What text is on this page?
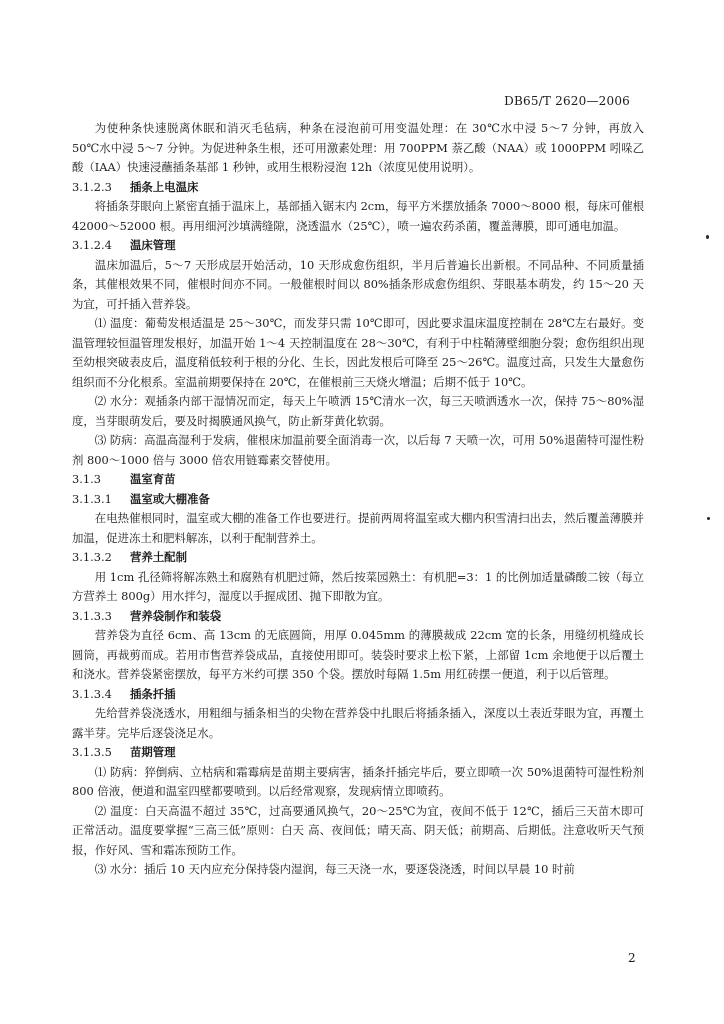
DB65/T 2620—2006

为使种条快速脱离休眠和消灭毛毡病，种条在浸泡前可用变温处理：在 30℃水中浸 5～7 分钟，再放入 50℃水中浸 5～7 分钟。为促进种条生根，还可用激素处理：用 700PPM 萘乙酸（NAA）或 1000PPM 吲哚乙酸（IAA）快速浸蘸插条基部 1 秒钟，或用生根粉浸泡 12h（浓度见使用说明）。

3.1.2.3 插条上电温床

将插条芽眼向上紧密直插于温床上，基部插入锯末内 2cm，每平方米摆放插条 7000～8000 根，每床可催根 42000～52000 根。再用细河沙填满缝隙，浇透温水（25℃），喷一遍农药杀菌，覆盖薄膜，即可通电加温。

3.1.2.4 温床管理

温床加温后，5～7 天形成层开始活动，10 天形成愈伤组织，半月后普遍长出新根。不同品种、不同质量插条，其催根效果不同，催根时间亦不同。一般催根时间以 80%插条形成愈伤组织、芽眼基本萌发，约 15～20 天为宜，可扦插入营养袋。

⑴ 温度：葡萄发根适温是 25～30℃，而发芽只需 10℃即可，因此要求温床温度控制在 28℃左右最好。变温管理较恒温管理发根好，加温开始 1～4 天控制温度在 28～30℃，有利于中柱鞘薄壁细胞分裂；愈伤组织出现至幼根突破表皮后，温度稍低较利于根的分化、生长，因此发根后可降至 25～26℃。温度过高，只发生大量愈伤组织而不分化根系。室温前期要保持在 20℃，在催根前三天烧火增温；后期不低于 10℃。

⑵ 水分：观插条内部干湿情况而定，每天上午喷洒 15℃清水一次，每三天喷洒透水一次，保持 75～80%湿度，当芽眼萌发后，要及时揭膜通风换气，防止新芽黄化软弱。

⑶ 防病：高温高湿利于发病，催根床加温前要全面消毒一次，以后每 7 天喷一次，可用 50%退菌特可湿性粉剂 800～1000 倍与 3000 倍农用链霉素交替使用。

3.1.3	温室育苗

3.1.3.1 温室或大棚准备

在电热催根同时，温室或大棚的准备工作也要进行。提前两周将温室或大棚内积雪清扫出去，然后覆盖薄膜并加温，促进冻土和肥料解冻，以利于配制营养土。

3.1.3.2 营养土配制

用 1cm 孔径筛将解冻熟土和腐熟有机肥过筛，然后按菜园熟土：有机肥=3：1 的比例加适量磷酸二铵（每立方营养土 800g）用水拌匀，湿度以手握成团、抛下即散为宜。

3.1.3.3 营养袋制作和装袋

营养袋为直径 6cm、高 13cm 的无底圆筒，用厚 0.045mm 的薄膜裁成 22cm 宽的长条，用缝纫机缝成长圆筒，再裁剪而成。若用市售营养袋成品，直接使用即可。装袋时要求上松下紧，上部留 1cm 余地便于以后覆土和浇水。营养袋紧密摆放，每平方米约可摆 350 个袋。摆放时每隔 1.5m 用红砖摆一便道，利于以后管理。

3.1.3.4 插条扦插

先给营养袋浇透水，用粗细与插条相当的尖物在营养袋中扎眼后将插条插入，深度以土表近芽眼为宜，再覆土露半芽。完毕后逐袋浇足水。

3.1.3.5 苗期管理

⑴ 防病：猝倒病、立枯病和霜霉病是苗期主要病害，插条扦插完毕后，要立即喷一次 50%退菌特可湿性粉剂 800 倍液，便道和温室四壁都要喷到。以后经常观察，发现病情立即喷药。

⑵ 温度：白天高温不超过 35℃，过高要通风换气，20～25℃为宜，夜间不低于 12℃，插后三天苗木即可正常活动。温度要掌握“三高三低”原则：白天 高、夜间低；晴天高、阴天低；前期高、后期低。注意收听天气预报，作好风、雪和霜冻预防工作。

⑶ 水分：插后 10 天内应充分保持袋内湿润，每三天浇一水，要逐袋浇透，时间以早晨 10 时前

2
